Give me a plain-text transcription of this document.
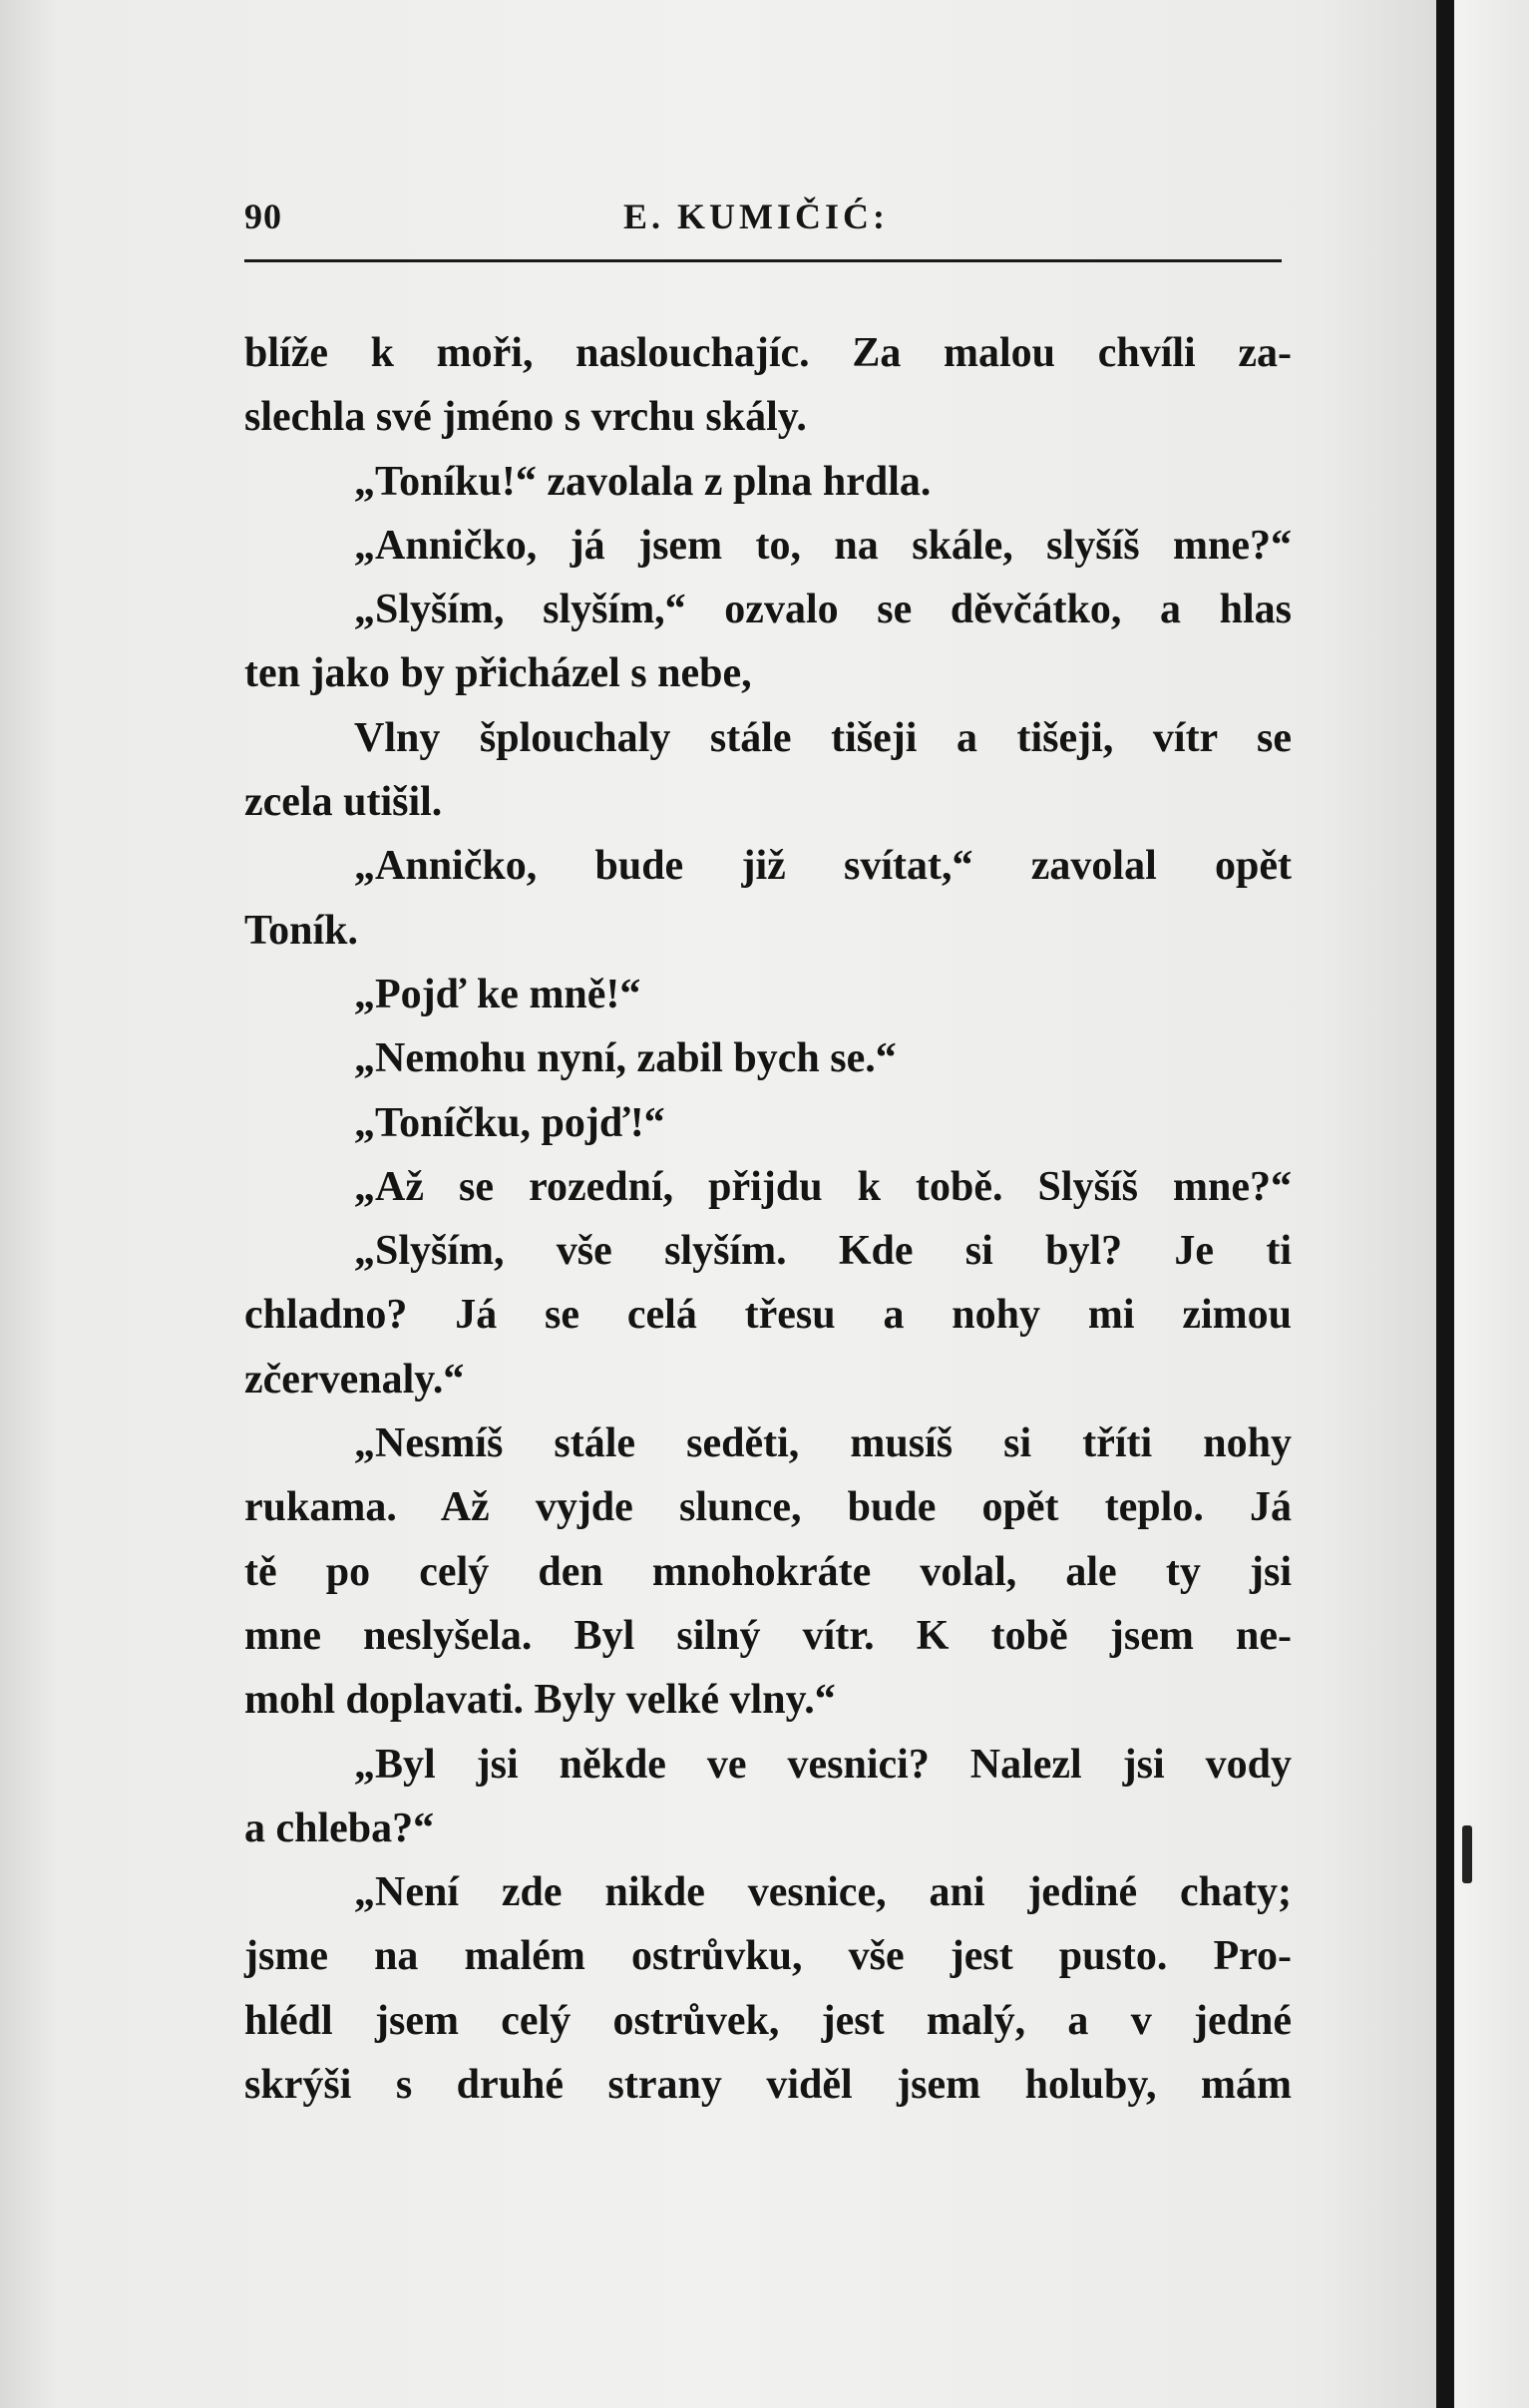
90	E. KUMIČIĆ:
blíže k moři, naslouchajíc. Za malou chvíli za-
slechla své jméno s vrchu skály.
„Toníku!“ zavolala z plna hrdla.
„Anničko, já jsem to, na skále, slyšíš mne?“
„Slyším, slyším,“ ozvalo se děvčátko, a hlas
ten jako by přicházel s nebe,
Vlny šplouchaly stále tišeji a tišeji, vítr se
zcela utišil.
„Anničko, bude již svítat,“ zavolal opět
Toník.
„Pojď ke mně!“
„Nemohu nyní, zabil bych se.“
„Toníčku, pojď!“
„Až se rozední, přijdu k tobě. Slyšíš mne?“
„Slyším, vše slyším. Kde si byl? Je ti
chladno? Já se celá třesu a nohy mi zimou
zčervenaly.“
„Nesmíš stále seděti, musíš si tříti nohy
rukama. Až vyjde slunce, bude opět teplo. Já
tě po celý den mnohokráte volal, ale ty jsi
mne neslyšela. Byl silný vítr. K tobě jsem ne-
mohl doplavati. Byly velké vlny.“
„Byl jsi někde ve vesnici? Nalezl jsi vody
a chleba?“
„Není zde nikde vesnice, ani jediné chaty;
jsme na malém ostrůvku, vše jest pusto. Pro-
hlédl jsem celý ostrůvek, jest malý, a v jedné
skrýši s druhé strany viděl jsem holuby, mám
